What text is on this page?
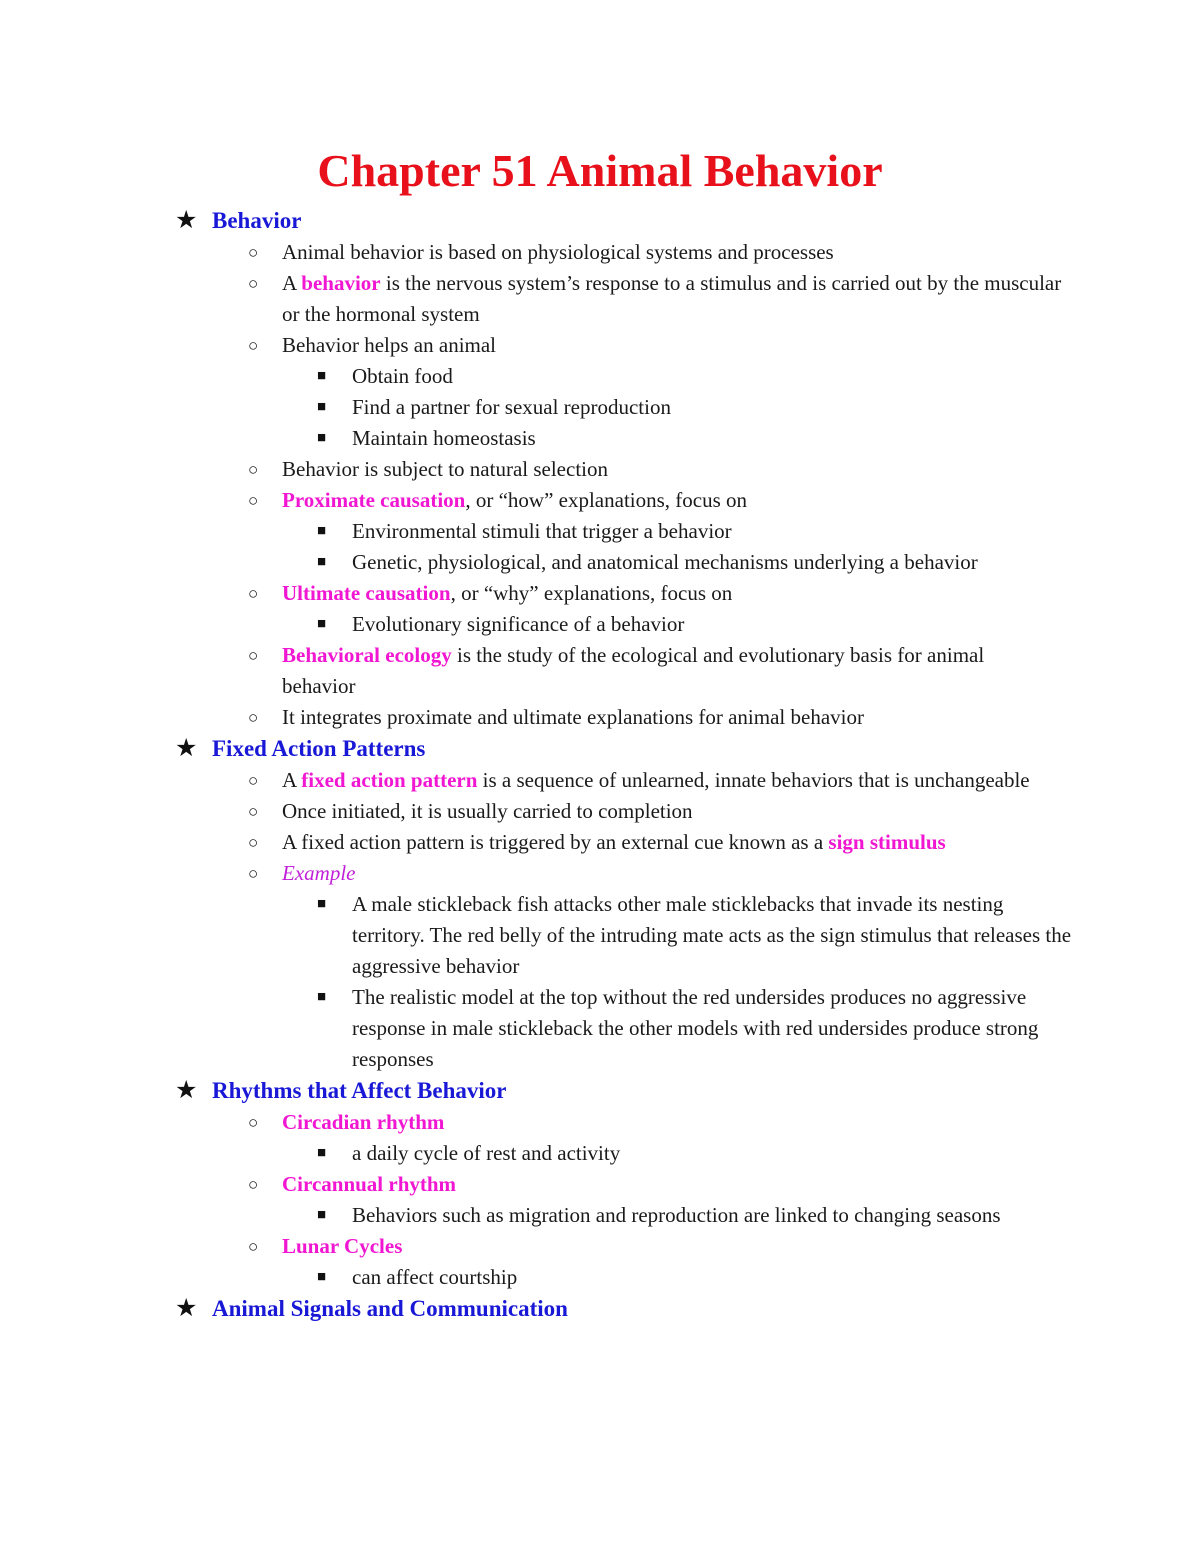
Chapter 51 Animal Behavior
★ Behavior
○	Animal behavior is based on physiological systems and processes
○	A behavior is the nervous system’s response to a stimulus and is carried out by the muscular or the hormonal system
○	Behavior helps an animal
■	Obtain food
■	Find a partner for sexual reproduction
■	Maintain homeostasis
○	Behavior is subject to natural selection
○	Proximate causation, or “how” explanations, focus on
■	Environmental stimuli that trigger a behavior
■	Genetic, physiological, and anatomical mechanisms underlying a behavior
○	Ultimate causation, or “why” explanations, focus on
■	Evolutionary significance of a behavior
○	Behavioral ecology is the study of the ecological and evolutionary basis for animal behavior
○	It integrates proximate and ultimate explanations for animal behavior
★ Fixed Action Patterns
○	A fixed action pattern is a sequence of unlearned, innate behaviors that is unchangeable
○	Once initiated, it is usually carried to completion
○	A fixed action pattern is triggered by an external cue known as a sign stimulus
○	Example
■	A male stickleback fish attacks other male sticklebacks that invade its nesting territory. The red belly of the intruding mate acts as the sign stimulus that releases the aggressive behavior
■	The realistic model at the top without the red undersides produces no aggressive response in male stickleback the other models with red undersides produce strong responses
★ Rhythms that Affect Behavior
○	Circadian rhythm
■	a daily cycle of rest and activity
○	Circannual rhythm
■	Behaviors such as migration and reproduction are linked to changing seasons
○	Lunar Cycles
■	can affect courtship
★ Animal Signals and Communication
